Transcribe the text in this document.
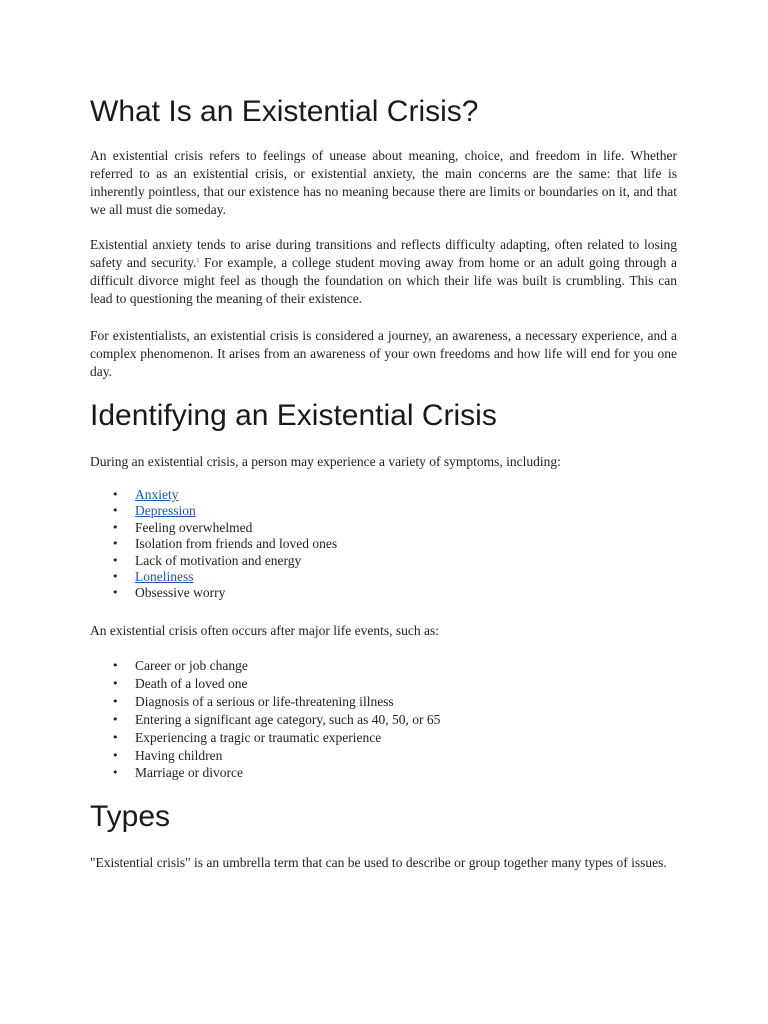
What Is an Existential Crisis?

An existential crisis refers to feelings of unease about meaning, choice, and freedom in life. Whether referred to as an existential crisis, or existential anxiety, the main concerns are the same: that life is inherently pointless, that our existence has no meaning because there are limits or boundaries on it, and that we all must die someday.

Existential anxiety tends to arise during transitions and reflects difficulty adapting, often related to losing safety and security.$^1$ For example, a college student moving away from home or an adult going through a difficult divorce might feel as though the foundation on which their life was built is crumbling. This can lead to questioning the meaning of their existence.

For existentialists, an existential crisis is considered a journey, an awareness, a necessary experience, and a complex phenomenon. It arises from an awareness of your own freedoms and how life will end for you one day.

Identifying an Existential Crisis

During an existential crisis, a person may experience a variety of symptoms, including:

• Anxiety
• Depression
• Feeling overwhelmed
• Isolation from friends and loved ones
• Lack of motivation and energy
• Loneliness
• Obsessive worry

An existential crisis often occurs after major life events, such as:

• Career or job change
• Death of a loved one
• Diagnosis of a serious or life-threatening illness
• Entering a significant age category, such as 40, 50, or 65
• Experiencing a tragic or traumatic experience
• Having children
• Marriage or divorce
Types

"Existential crisis" is an umbrella term that can be used to describe or group together many types of issues.
